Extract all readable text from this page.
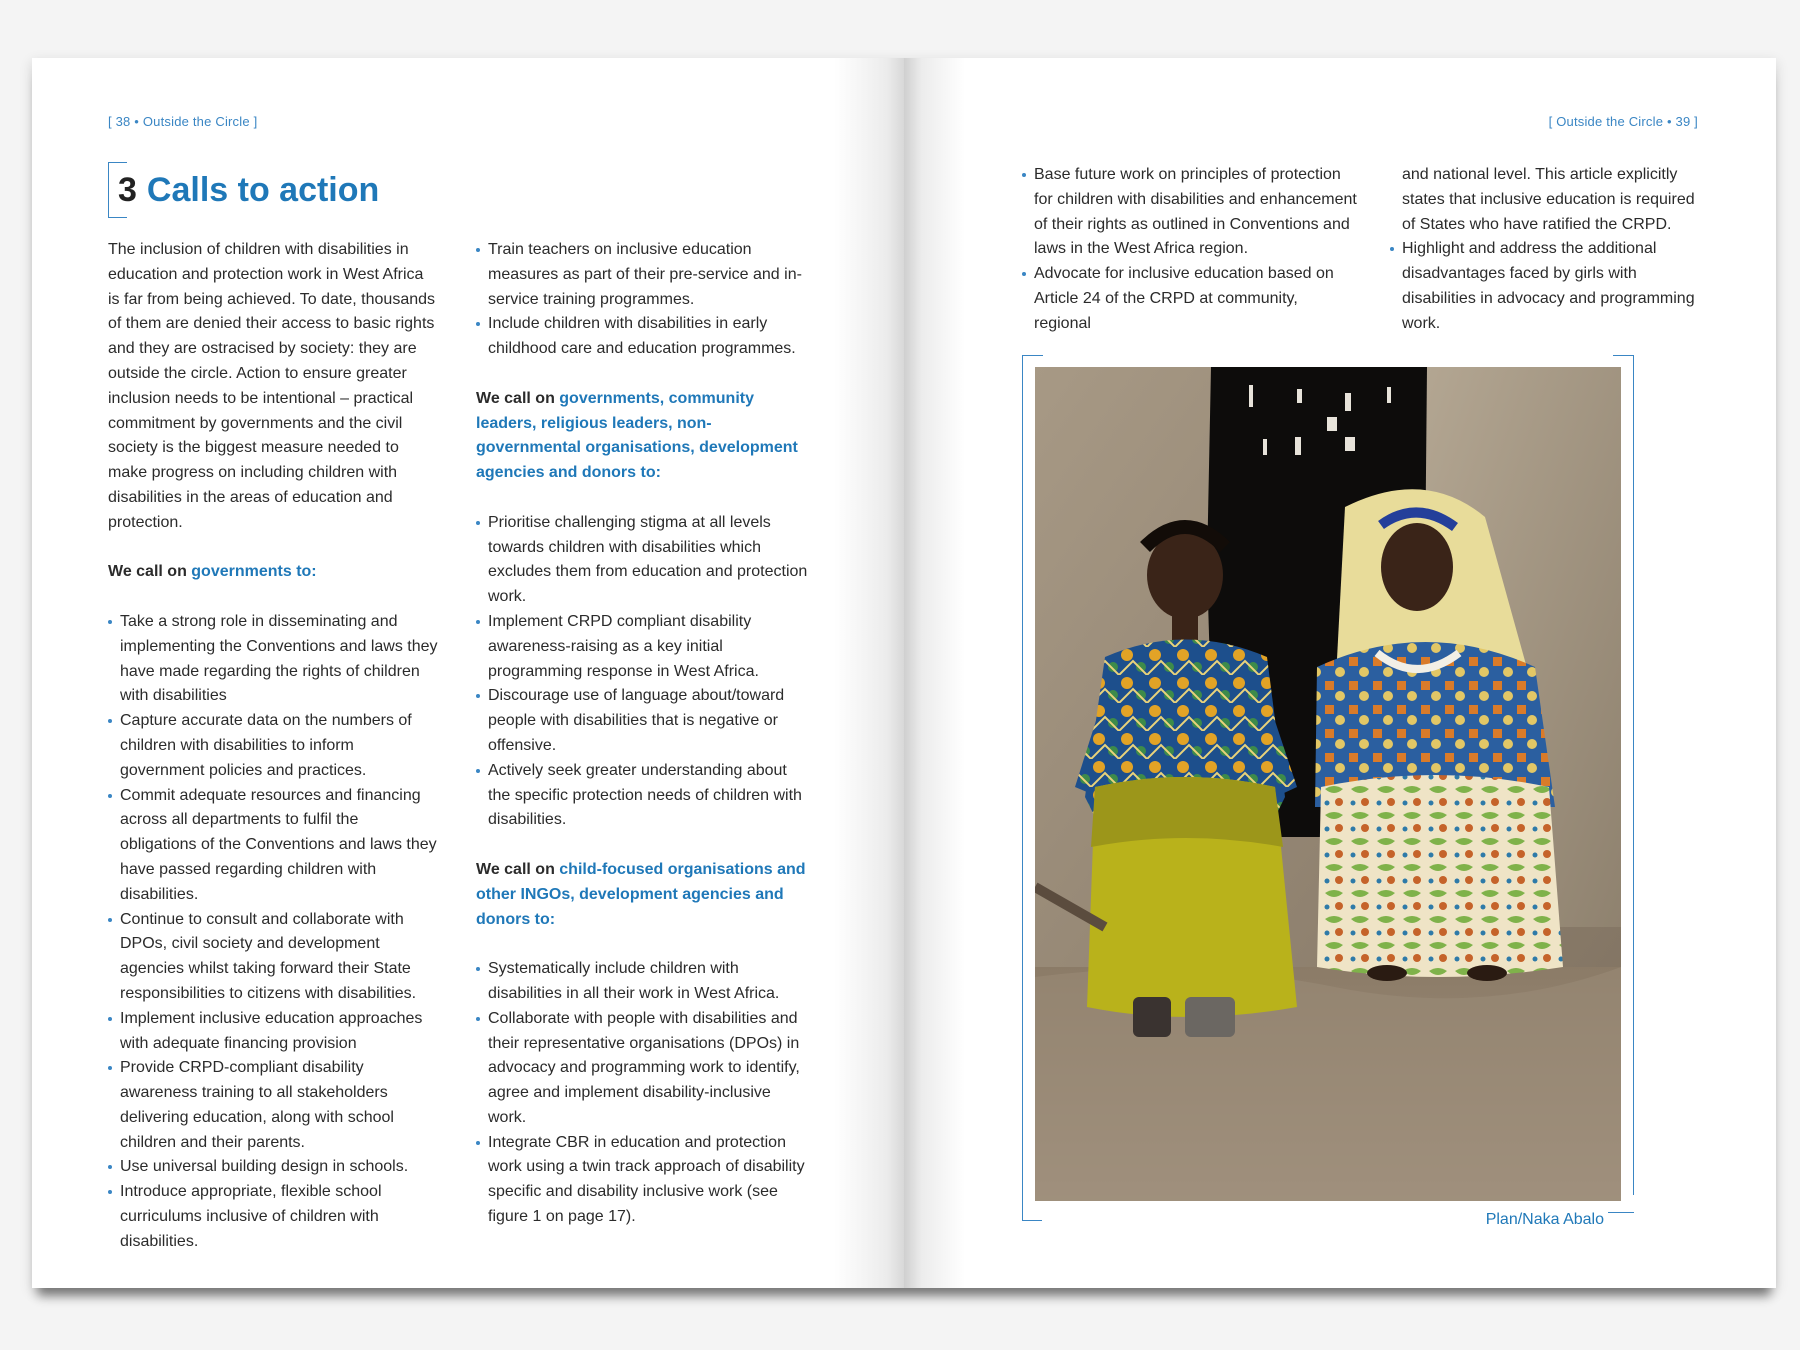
[ 38 • Outside the Circle ]
3 Calls to action

The inclusion of children with disabilities in education and protection work in West Africa is far from being achieved. To date, thousands of them are denied their access to basic rights and they are ostracised by society: they are outside the circle. Action to ensure greater inclusion needs to be intentional – practical commitment by governments and the civil society is the biggest measure needed to make progress on including children with disabilities in the areas of education and protection.

We call on governments to:
Take a strong role in disseminating and implementing the Conventions and laws they have made regarding the rights of children with disabilities
Capture accurate data on the numbers of children with disabilities to inform government policies and practices.
Commit adequate resources and financing across all departments to fulfil the obligations of the Conventions and laws they have passed regarding children with disabilities.
Continue to consult and collaborate with DPOs, civil society and development agencies whilst taking forward their State responsibilities to citizens with disabilities.
Implement inclusive education approaches with adequate financing provision
Provide CRPD-compliant disability awareness training to all stakeholders delivering education, along with school children and their parents.
Use universal building design in schools.
Introduce appropriate, flexible school curriculums inclusive of children with disabilities.
Train teachers on inclusive education measures as part of their pre-service and in-service training programmes.
Include children with disabilities in early childhood care and education programmes.
We call on governments, community leaders, religious leaders, non-governmental organisations, development agencies and donors to:
Prioritise challenging stigma at all levels towards children with disabilities which excludes them from education and protection work.
Implement CRPD compliant disability awareness-raising as a key initial programming response in West Africa.
Discourage use of language about/toward people with disabilities that is negative or offensive.
Actively seek greater understanding about the specific protection needs of children with disabilities.
We call on child-focused organisations and other INGOs, development agencies and donors to:
Systematically include children with disabilities in all their work in West Africa.
Collaborate with people with disabilities and their representative organisations (DPOs) in advocacy and programming work to identify, agree and implement disability-inclusive work.
Integrate CBR in education and protection work using a twin track approach of disability specific and disability inclusive work (see figure 1 on page 17).
[ Outside the Circle • 39 ]
Base future work on principles of protection for children with disabilities and enhancement of their rights as outlined in Conventions and laws in the West Africa region.
Advocate for inclusive education based on Article 24 of the CRPD at community, regional
and national level. This article explicitly states that inclusive education is required of States who have ratified the CRPD.
Highlight and address the additional disadvantages faced by girls with disabilities in advocacy and programming work.
Plan/Naka Abalo
